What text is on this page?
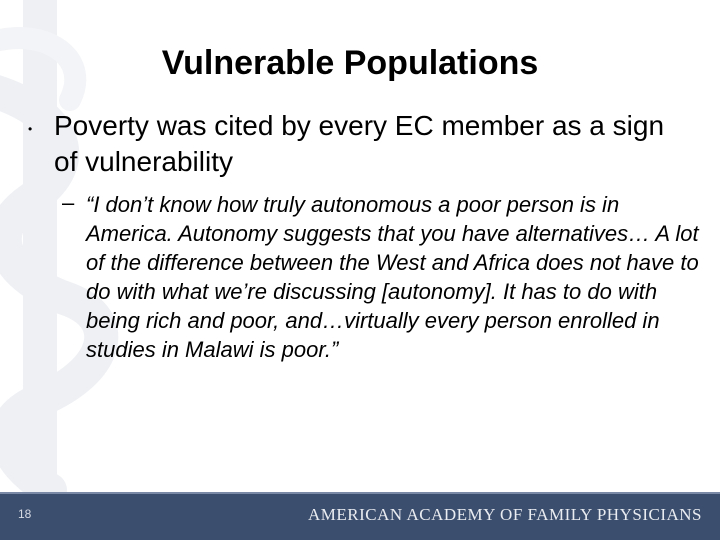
Vulnerable Populations
• Poverty was cited by every EC member as a sign of vulnerability
– “I don’t know how truly autonomous a poor person is in America. Autonomy suggests that you have alternatives… A lot of the difference between the West and Africa does not have to do with what we’re discussing [autonomy]. It has to do with being rich and poor, and…virtually every person enrolled in studies in Malawi is poor.”
18	AMERICAN ACADEMY OF FAMILY PHYSICIANS
